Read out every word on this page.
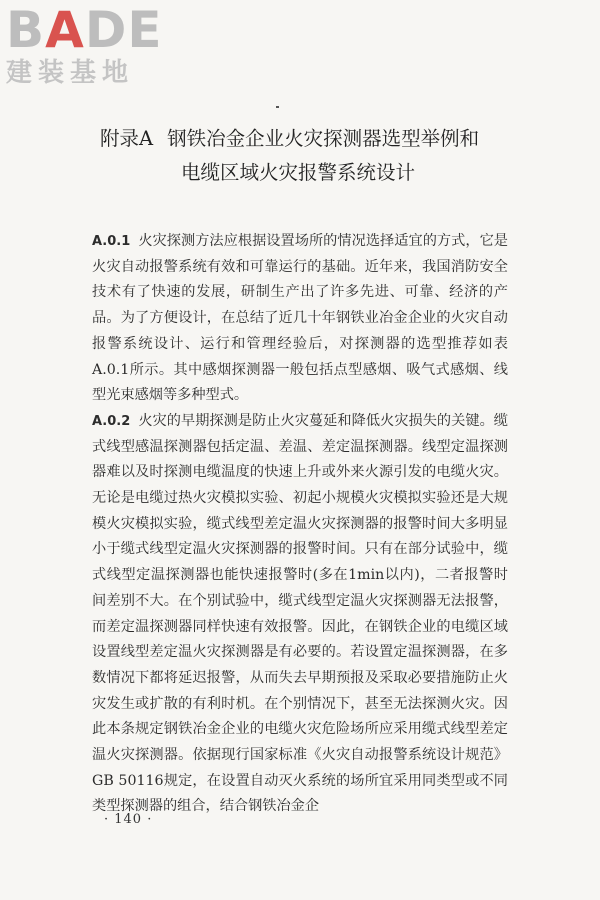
BADE
建装基地
附录A 钢铁冶金企业火灾探测器选型举例和
电缆区域火灾报警系统设计

A.0.1 火灾探测方法应根据设置场所的情况选择适宜的方式，它是火灾自动报警系统有效和可靠运行的基础。近年来，我国消防安全技术有了快速的发展，研制生产出了许多先进、可靠、经济的产品。为了方便设计，在总结了近几十年钢铁业冶金企业的火灾自动报警系统设计、运行和管理经验后，对探测器的选型推荐如表A.0.1所示。其中感烟探测器一般包括点型感烟、吸气式感烟、线型光束感烟等多种型式。

A.0.2 火灾的早期探测是防止火灾蔓延和降低火灾损失的关键。缆式线型感温探测器包括定温、差温、差定温探测器。线型定温探测器难以及时探测电缆温度的快速上升或外来火源引发的电缆火灾。无论是电缆过热火灾模拟实验、初起小规模火灾模拟实验还是大规模火灾模拟实验，缆式线型差定温火灾探测器的报警时间大多明显小于缆式线型定温火灾探测器的报警时间。只有在部分试验中，缆式线型定温探测器也能快速报警时(多在1min以内)，二者报警时间差别不大。在个别试验中，缆式线型定温火灾探测器无法报警，而差定温探测器同样快速有效报警。因此，在钢铁企业的电缆区域设置线型差定温火灾探测器是有必要的。若设置定温探测器，在多数情况下都将延迟报警，从而失去早期预报及采取必要措施防止火灾发生或扩散的有利时机。在个别情况下，甚至无法探测火灾。因此本条规定钢铁冶金企业的电缆火灾危险场所应采用缆式线型差定温火灾探测器。依据现行国家标准《火灾自动报警系统设计规范》GB 50116规定，在设置自动灭火系统的场所宜采用同类型或不同类型探测器的组合，结合钢铁冶金企

· 140 ·
